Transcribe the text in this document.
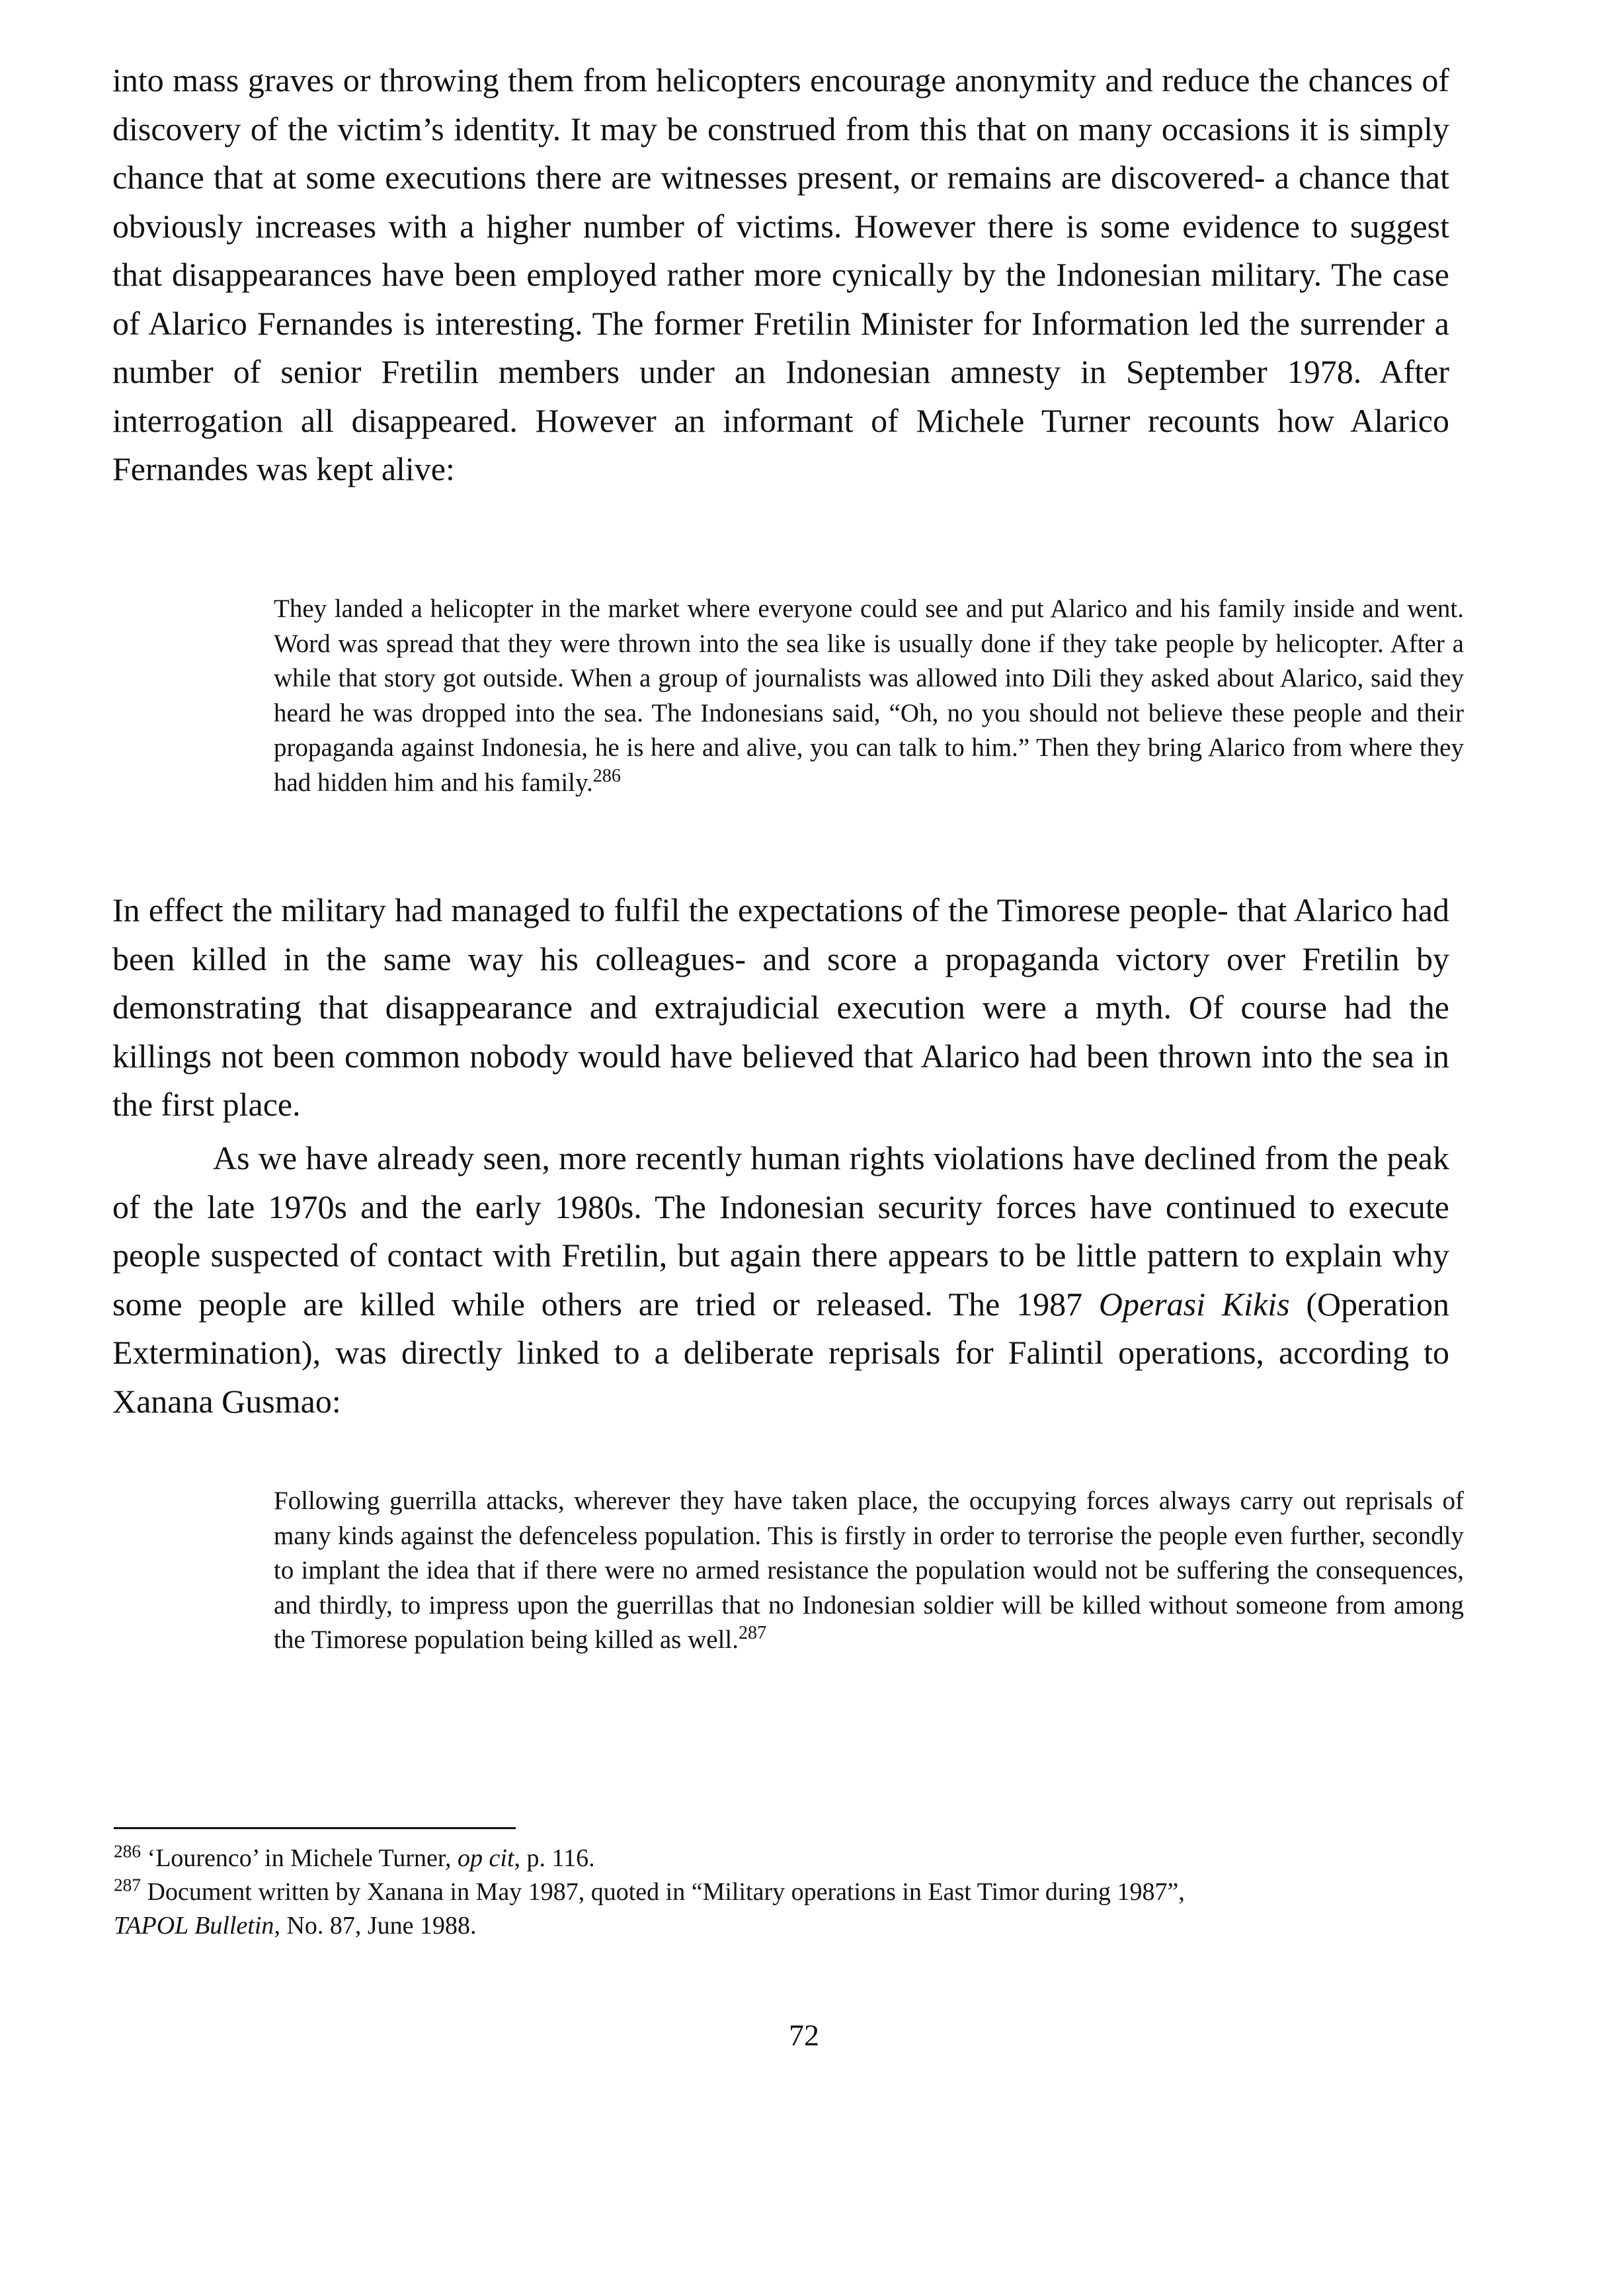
into mass graves or throwing them from helicopters encourage anonymity and reduce the chances of discovery of the victim’s identity. It may be construed from this that on many occasions it is simply chance that at some executions there are witnesses present, or remains are discovered- a chance that obviously increases with a higher number of victims. However there is some evidence to suggest that disappearances have been employed rather more cynically by the Indonesian military. The case of Alarico Fernandes is interesting. The former Fretilin Minister for Information led the surrender a number of senior Fretilin members under an Indonesian amnesty in September 1978. After interrogation all disappeared. However an informant of Michele Turner recounts how Alarico Fernandes was kept alive:

They landed a helicopter in the market where everyone could see and put Alarico and his family inside and went. Word was spread that they were thrown into the sea like is usually done if they take people by helicopter. After a while that story got outside. When a group of journalists was allowed into Dili they asked about Alarico, said they heard he was dropped into the sea. The Indonesians said, “Oh, no you should not believe these people and their propaganda against Indonesia, he is here and alive, you can talk to him.” Then they bring Alarico from where they had hidden him and his family.$^{286}$

In effect the military had managed to fulfil the expectations of the Timorese people- that Alarico had been killed in the same way his colleagues- and score a propaganda victory over Fretilin by demonstrating that disappearance and extrajudicial execution were a myth. Of course had the killings not been common nobody would have believed that Alarico had been thrown into the sea in the first place.

As we have already seen, more recently human rights violations have declined from the peak of the late 1970s and the early 1980s. The Indonesian security forces have continued to execute people suspected of contact with Fretilin, but again there appears to be little pattern to explain why some people are killed while others are tried or released. The 1987 Operasi Kikis (Operation Extermination), was directly linked to a deliberate reprisals for Falintil operations, according to Xanana Gusmao:

Following guerrilla attacks, wherever they have taken place, the occupying forces always carry out reprisals of many kinds against the defenceless population. This is firstly in order to terrorise the people even further, secondly to implant the idea that if there were no armed resistance the population would not be suffering the consequences, and thirdly, to impress upon the guerrillas that no Indonesian soldier will be killed without someone from among the Timorese population being killed as well.$^{287}$

$^{286}$ ‘Lourenco’ in Michele Turner, op cit, p. 116.

$^{287}$ Document written by Xanana in May 1987, quoted in “Military operations in East Timor during 1987”,
TAPOL Bulletin, No. 87, June 1988.

72
